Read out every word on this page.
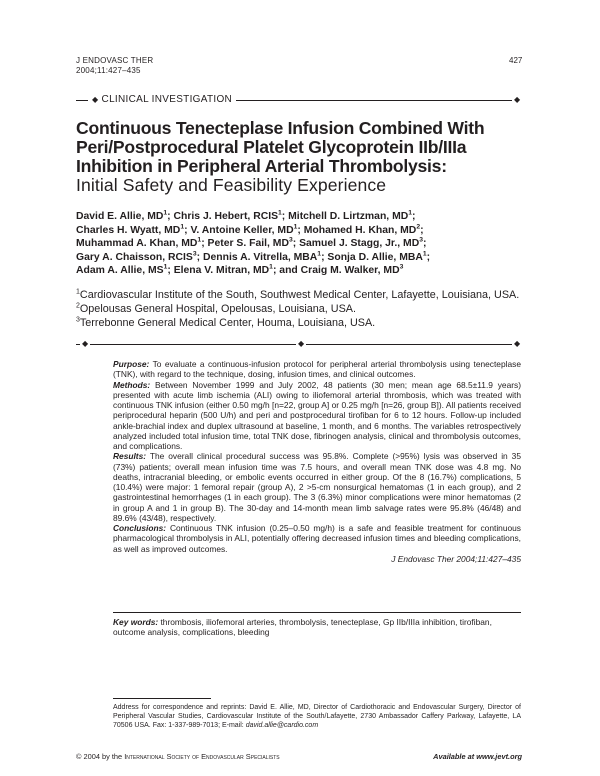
J ENDOVASC THER
2004;11:427–435
427
◆ CLINICAL INVESTIGATION	◆
Continuous Tenecteplase Infusion Combined With Peri/Postprocedural Platelet Glycoprotein IIb/IIIa Inhibition in Peripheral Arterial Thrombolysis:
Initial Safety and Feasibility Experience
David E. Allie, $MD^1$; Chris J. Hebert, RCIS$^1$; Mitchell D. Lirtzman, $MD^1$;
Charles H. Wyatt, $MD^1$; V. Antoine Keller, $MD^1$; Mohamed H. Khan, $MD^2$;
Muhammad A. Khan, $MD^1$; Peter S. Fail, $MD^3$; Samuel J. Stagg, Jr., $MD^3$;
Gary A. Chaisson, RCIS$^3$; Dennis A. Vitrella, MBA$^1$; Sonja D. Allie, MBA$^1$;
Adam A. Allie, $MS^1$; Elena V. Mitran, $MD^1$; and Craig M. Walker, $MD^3$
$^1$Cardiovascular Institute of the South, Southwest Medical Center, Lafayette, Louisiana, USA. $^2$Opelousas General Hospital, Opelousas, Louisiana, USA.
$^3$Terrebonne General Medical Center, Houma, Louisiana, USA.
◆	◆	◆

Purpose: To evaluate a continuous-infusion protocol for peripheral arterial thrombolysis using tenecteplase (TNK), with regard to the technique, dosing, infusion times, and clinical outcomes.

Methods: Between November 1999 and July 2002, 48 patients (30 men; mean age 68.5±11.9 years) presented with acute limb ischemia (ALI) owing to iliofemoral arterial thrombosis, which was treated with continuous TNK infusion (either 0.50 mg/h [n=22, group A] or 0.25 mg/h [n=26, group B]). All patients received periprocedural heparin (500 U/h) and peri and postprocedural tirofiban for 6 to 12 hours. Follow-up included ankle-brachial index and duplex ultrasound at baseline, 1 month, and 6 months. The variables retrospectively analyzed included total infusion time, total TNK dose, fibrinogen analysis, clinical and thrombolysis outcomes, and complications.

Results: The overall clinical procedural success was 95.8%. Complete (>95%) lysis was observed in 35 (73%) patients; overall mean infusion time was 7.5 hours, and overall mean TNK dose was 4.8 mg. No deaths, intracranial bleeding, or embolic events occurred in either group. Of the 8 (16.7%) complications, 5 (10.4%) were major: 1 femoral repair (group A), 2 >5-cm nonsurgical hematomas (1 in each group), and 2 gastrointestinal hemorrhages (1 in each group). The 3 (6.3%) minor complications were minor hematomas (2 in group A and 1 in group B). The 30-day and 14-month mean limb salvage rates were 95.8% (46/48) and 89.6% (43/48), respectively.

Conclusions: Continuous TNK infusion (0.25–0.50 mg/h) is a safe and feasible treatment for continuous pharmacological thrombolysis in ALI, potentially offering decreased infusion times and bleeding complications, as well as improved outcomes.
J Endovasc Ther 2004;11:427–435

Key words: thrombosis, iliofemoral arteries, thrombolysis, tenecteplase, Gp IIb/IIIa inhibition, tirofiban, outcome analysis, complications, bleeding
Address for correspondence and reprints: David E. Allie, MD, Director of Cardiothoracic and Endovascular Surgery, Director of Peripheral Vascular Studies, Cardiovascular Institute of the South/Lafayette, 2730 Ambassador Caffery Parkway, Lafayette, LA 70506 USA. Fax: 1-337-989-7013; E-mail: david.allie@cardio.com
© 2004 by the International Society of Endovascular Specialists	Available at www.jevt.org
